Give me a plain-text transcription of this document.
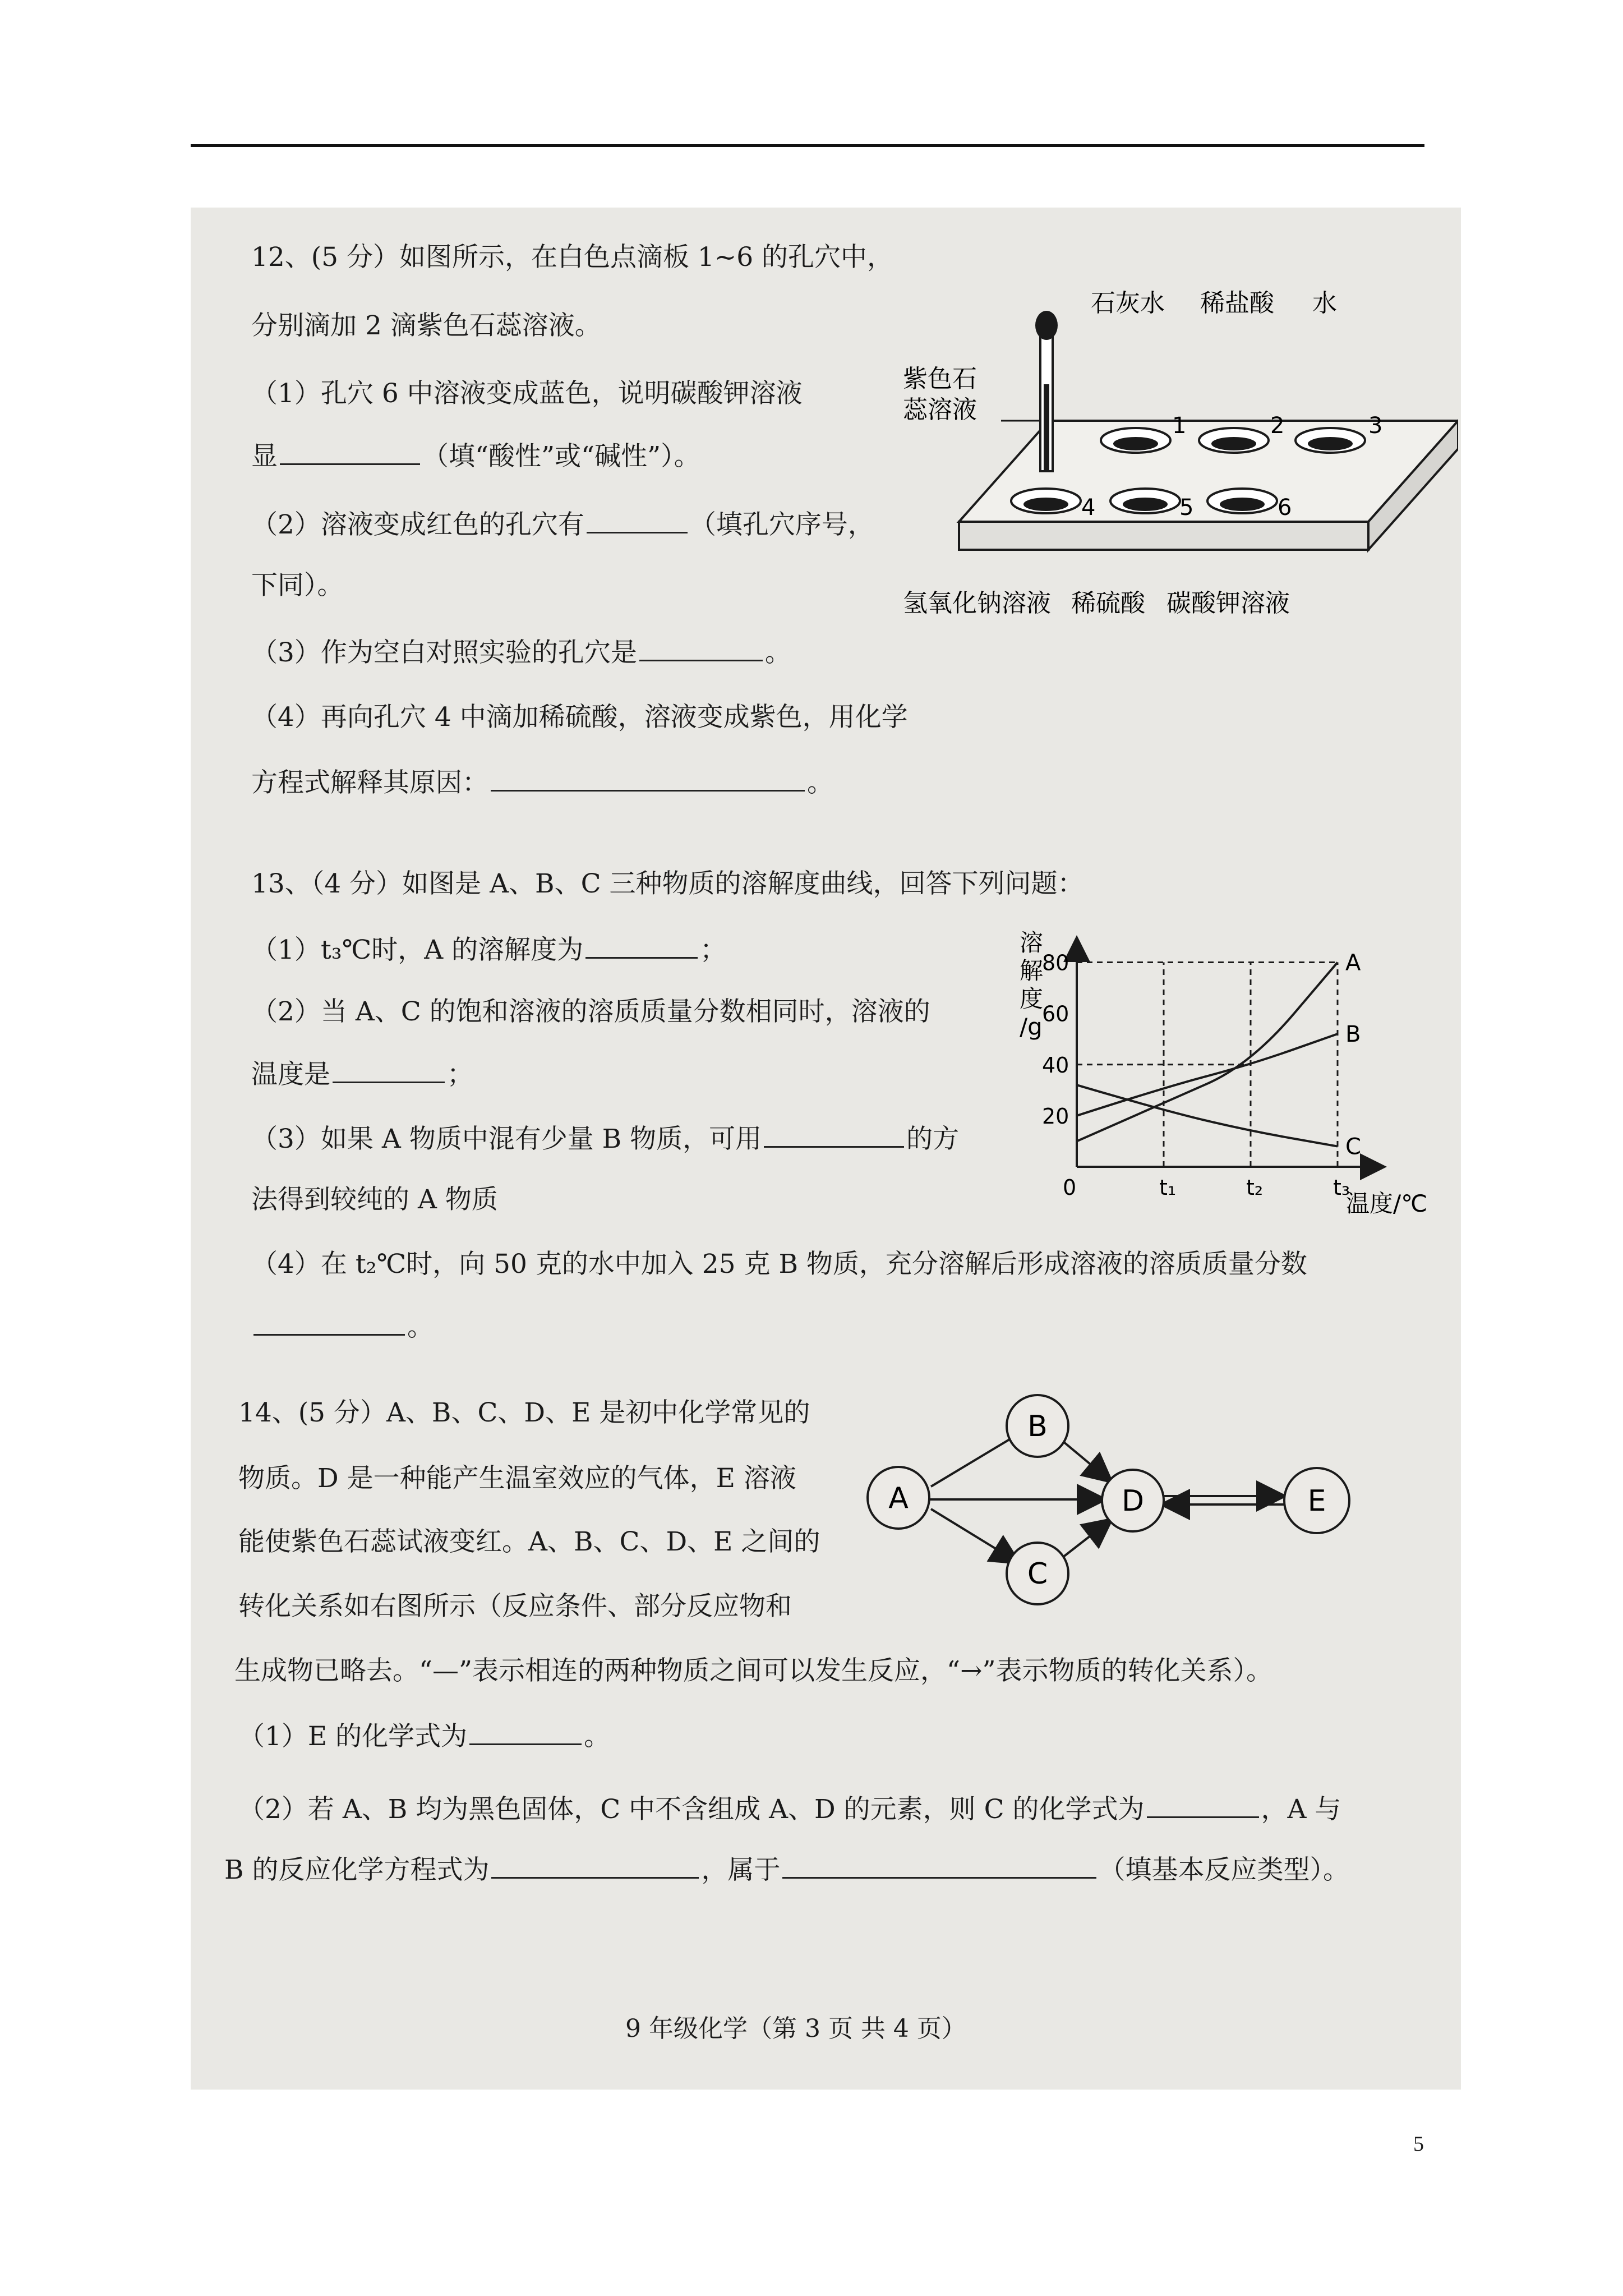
12、(5 分）如图所示，在白色点滴板 1~6 的孔穴中，
分别滴加 2 滴紫色石蕊溶液。
（1）孔穴 6 中溶液变成蓝色，说明碳酸钾溶液
显	（填“酸性”或“碱性”）。
（2）溶液变成红色的孔穴有	（填孔穴序号，
下同）。
（3）作为空白对照实验的孔穴是	。
（4）再向孔穴 4 中滴加稀硫酸，溶液变成紫色，用化学
方程式解释其原因：	。
1	2	3
4	5	6
紫色石
蕊溶液
石灰水 稀盐酸 水
氢氧化钠溶液 稀硫酸 碳酸钾溶液
13、（4 分）如图是 A、B、C 三种物质的溶解度曲线，回答下列问题：
（1）t₃℃时，A 的溶解度为	；
（2）当 A、C 的饱和溶液的溶质质量分数相同时，溶液的
温度是	；
（3）如果 A 物质中混有少量 B 物质，可用	的方
法得到较纯的 A 物质
（4）在 t₂℃时，向 50 克的水中加入 25 克 B 物质，充分溶解后形成溶液的溶质质量分数
。
A
B
C
0	t₁	t₂	t₃
20
40
60
80
溶
解
度
/g
温度/℃
14、(5 分）A、B、C、D、E 是初中化学常见的
物质。D 是一种能产生温室效应的气体，E 溶液
能使紫色石蕊试液变红。A、B、C、D、E 之间的
转化关系如右图所示（反应条件、部分反应物和
生成物已略去。“—”表示相连的两种物质之间可以发生反应，“→”表示物质的转化关系）。
（1）E 的化学式为	。
（2）若 A、B 均为黑色固体，C 中不含组成 A、D 的元素，则 C 的化学式为	，A 与
B 的反应化学方程式为	，属于	（填基本反应类型）。
A
B
C
D	E
9 年级化学（第 3 页 共 4 页）
5
